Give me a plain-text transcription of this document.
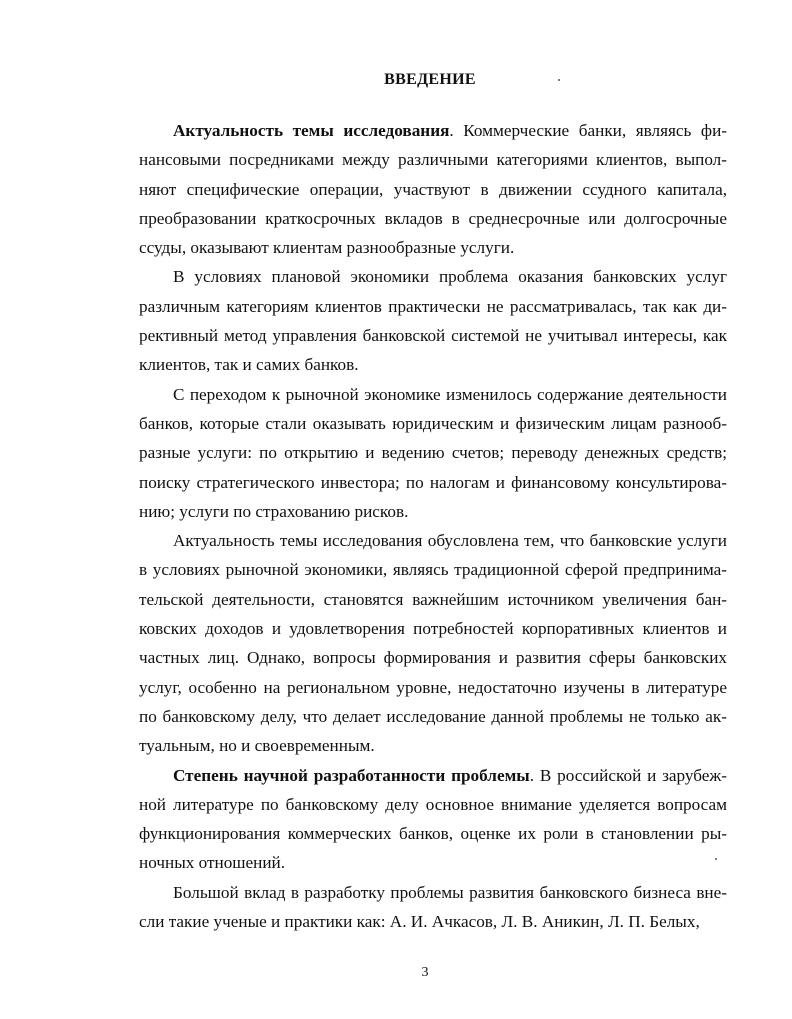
ВВЕДЕНИЕ

Актуальность темы исследования. Коммерческие банки, являясь финансовыми посредниками между различными категориями клиентов, выполняют специфические операции, участвуют в движении ссудного капитала, преобразовании краткосрочных вкладов в среднесрочные или долгосрочные ссуды, оказывают клиентам разнообразные услуги.

В условиях плановой экономики проблема оказания банковских услуг различным категориям клиентов практически не рассматривалась, так как директивный метод управления банковской системой не учитывал интересы, как клиентов, так и самих банков.

С переходом к рыночной экономике изменилось содержание деятельности банков, которые стали оказывать юридическим и физическим лицам разнообразные услуги: по открытию и ведению счетов; переводу денежных средств; поиску стратегического инвестора; по налогам и финансовому консультированию; услуги по страхованию рисков.

Актуальность темы исследования обусловлена тем, что банковские услуги в условиях рыночной экономики, являясь традиционной сферой предпринимательской деятельности, становятся важнейшим источником увеличения банковских доходов и удовлетворения потребностей корпоративных клиентов и частных лиц. Однако, вопросы формирования и развития сферы банковских услуг, особенно на региональном уровне, недостаточно изучены в литературе по банковскому делу, что делает исследование данной проблемы не только актуальным, но и своевременным.

Степень научной разработанности проблемы. В российской и зарубежной литературе по банковскому делу основное внимание уделяется вопросам функционирования коммерческих банков, оценке их роли в становлении рыночных отношений.

Большой вклад в разработку проблемы развития банковского бизнеса внесли такие ученые и практики как: А. И. Ачкасов, Л. В. Аникин, Л. П. Белых,

3
